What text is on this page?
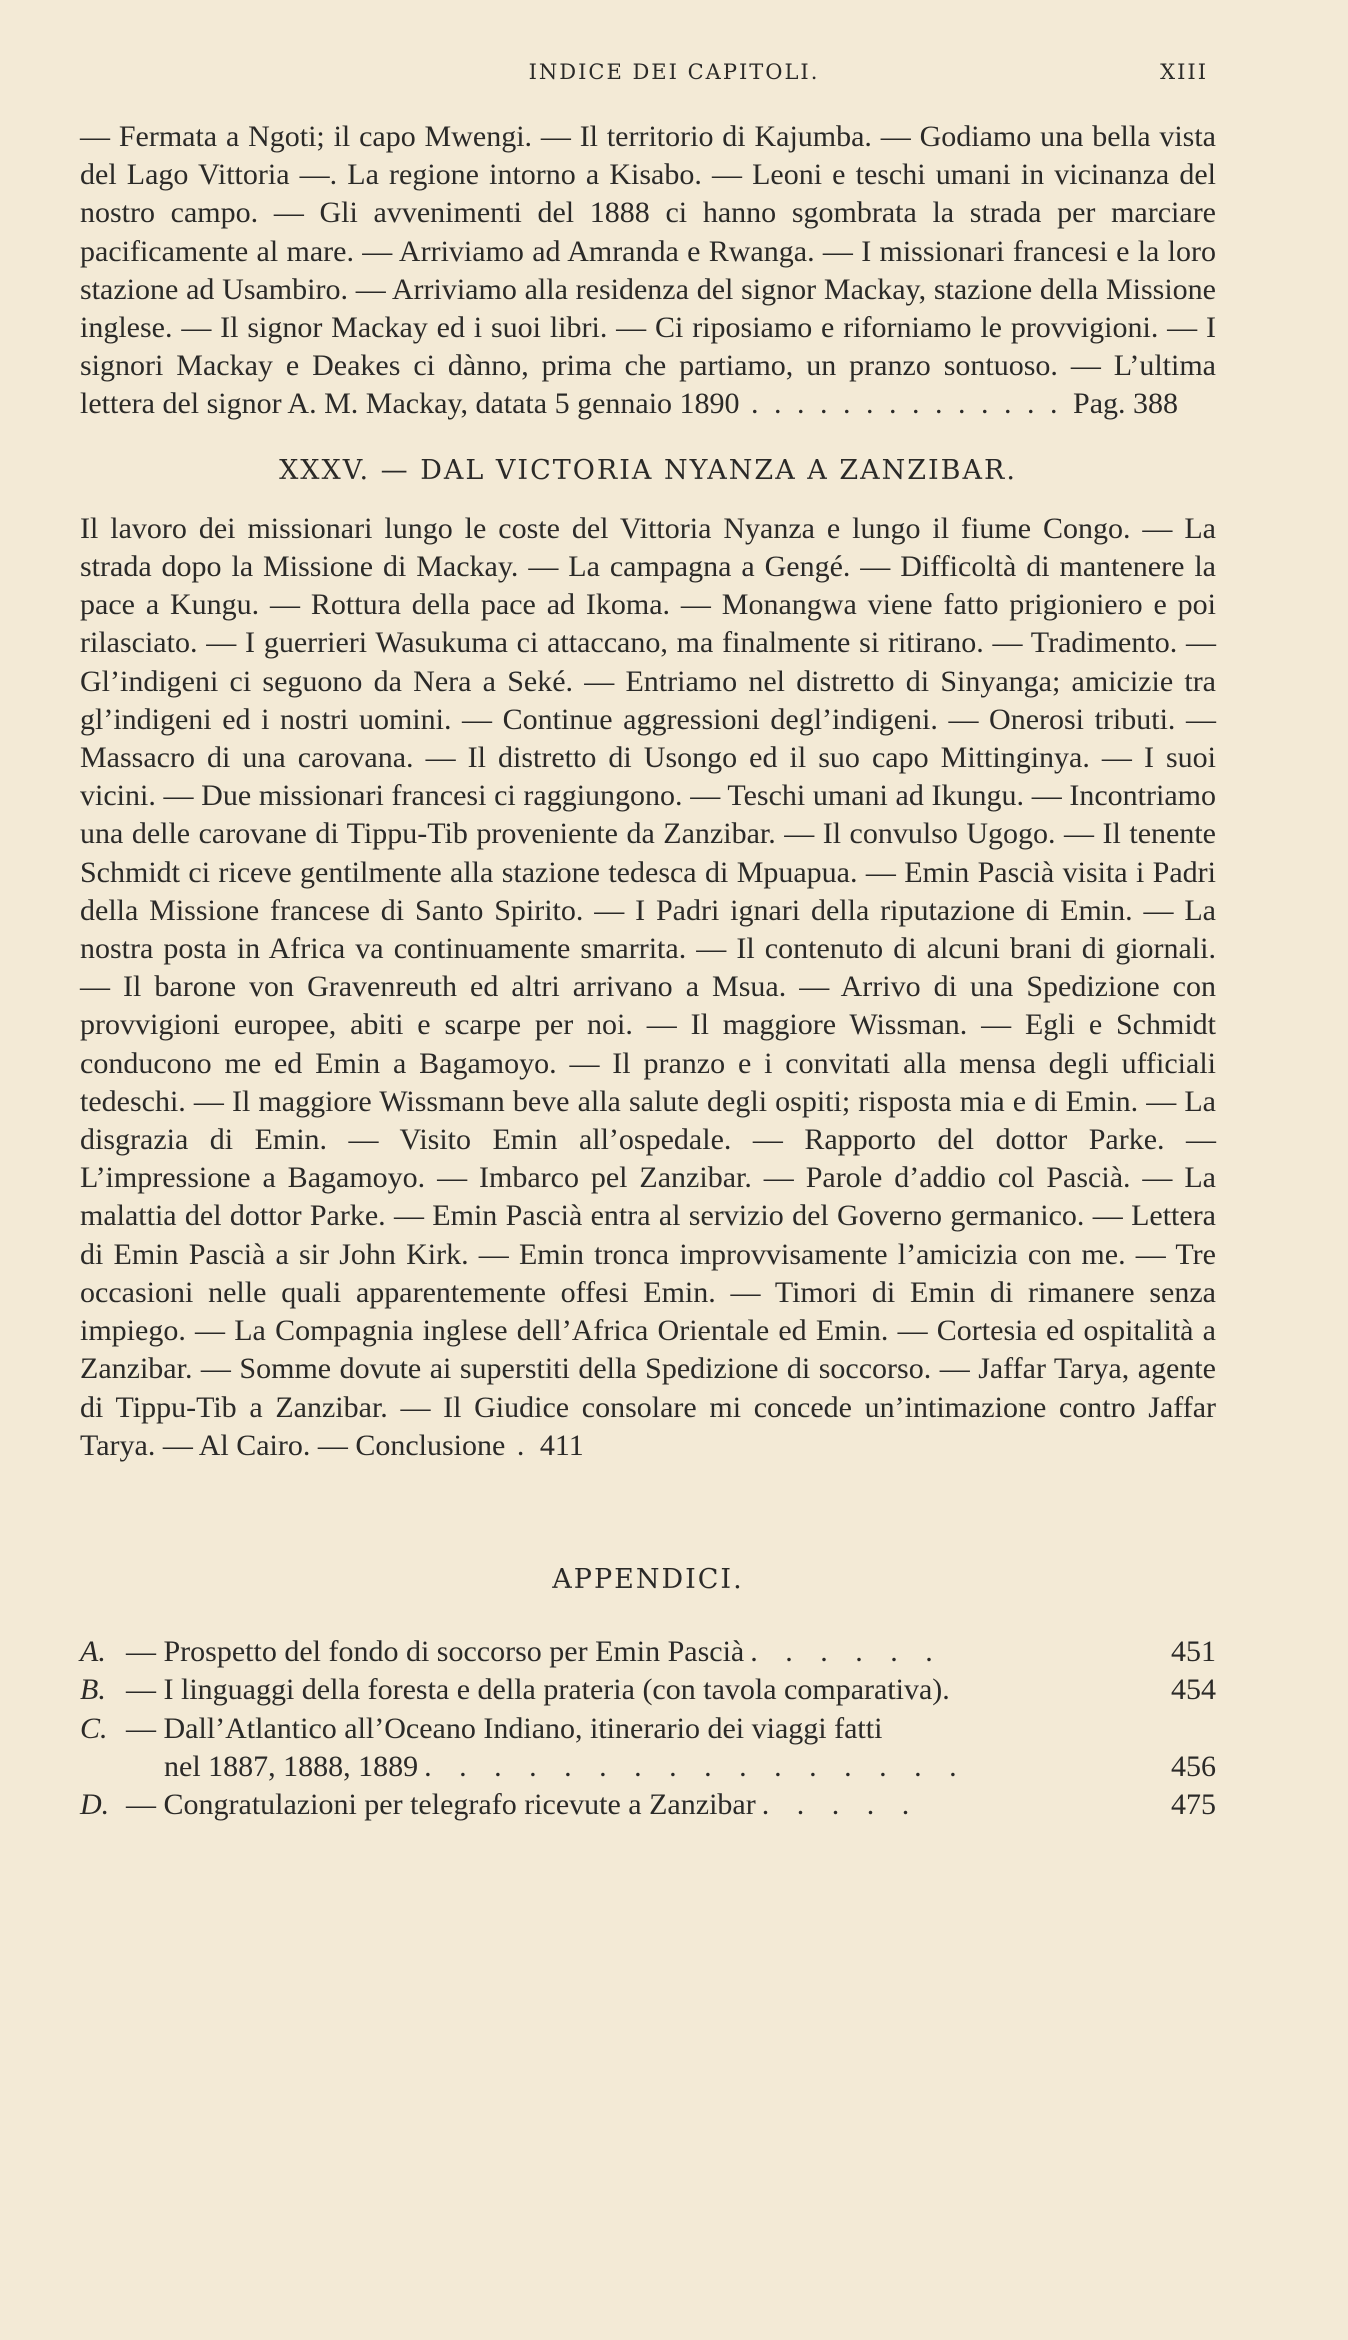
INDICE DEI CAPITOLI.	XIII

— Fermata a Ngoti; il capo Mwengi. — Il territorio di Kajumba. — Godiamo una bella vista del Lago Vittoria —. La regione intorno a Kisabo. — Leoni e teschi umani in vicinanza del nostro campo. — Gli avvenimenti del 1888 ci hanno sgombrata la strada per marciare pacificamente al mare. — Arriviamo ad Amranda e Rwanga. — I missionari francesi e la loro stazione ad Usambiro. — Arriviamo alla residenza del signor Mackay, stazione della Missione inglese. — Il signor Mackay ed i suoi libri. — Ci riposiamo e riforniamo le provvigioni. — I signori Mackay e Deakes ci dànno, prima che partiamo, un pranzo sontuoso. — L’ultima lettera del signor A. M. Mackay, datata 5 gennaio 1890 . . . . . . . . . . . . . . Pag. 388

XXXV. — DAL VICTORIA NYANZA A ZANZIBAR.

Il lavoro dei missionari lungo le coste del Vittoria Nyanza e lungo il fiume Congo. — La strada dopo la Missione di Mackay. — La campagna a Gengé. — Difficoltà di mantenere la pace a Kungu. — Rottura della pace ad Ikoma. — Monangwa viene fatto prigioniero e poi rilasciato. — I guerrieri Wasukuma ci attaccano, ma finalmente si ritirano. — Tradimento. — Gl’indigeni ci seguono da Nera a Seké. — Entriamo nel distretto di Sinyanga; amicizie tra gl’indigeni ed i nostri uomini. — Continue aggressioni degl’indigeni. — Onerosi tributi. — Massacro di una carovana. — Il distretto di Usongo ed il suo capo Mittinginya. — I suoi vicini. — Due missionari francesi ci raggiungono. — Teschi umani ad Ikungu. — Incontriamo una delle carovane di Tippu-Tib proveniente da Zanzibar. — Il convulso Ugogo. — Il tenente Schmidt ci riceve gentilmente alla stazione tedesca di Mpuapua. — Emin Pascià visita i Padri della Missione francese di Santo Spirito. — I Padri ignari della riputazione di Emin. — La nostra posta in Africa va continuamente smarrita. — Il contenuto di alcuni brani di giornali. — Il barone von Gravenreuth ed altri arrivano a Msua. — Arrivo di una Spedizione con provvigioni europee, abiti e scarpe per noi. — Il maggiore Wissman. — Egli e Schmidt conducono me ed Emin a Bagamoyo. — Il pranzo e i convitati alla mensa degli ufficiali tedeschi. — Il maggiore Wissmann beve alla salute degli ospiti; risposta mia e di Emin. — La disgrazia di Emin. — Visito Emin all’ospedale. — Rapporto del dottor Parke. — L’impressione a Bagamoyo. — Imbarco pel Zanzibar. — Parole d’addio col Pascià. — La malattia del dottor Parke. — Emin Pascià entra al servizio del Governo germanico. — Lettera di Emin Pascià a sir John Kirk. — Emin tronca improvvisamente l’amicizia con me. — Tre occasioni nelle quali apparentemente offesi Emin. — Timori di Emin di rimanere senza impiego. — La Compagnia inglese dell’Africa Orientale ed Emin. — Cortesia ed ospitalità a Zanzibar. — Somme dovute ai superstiti della Spedizione di soccorso. — Jaffar Tarya, agente di Tippu-Tib a Zanzibar. — Il Giudice consolare mi concede un’intimazione contro Jaffar Tarya. — Al Cairo. — Conclusione . 411

APPENDICI.
A. — Prospetto del fondo di soccorso per Emin Pascià . . . . . .	451
B. — I linguaggi della foresta e della prateria (con tavola comparativa).	454
C. — Dall’Atlantico all’Oceano Indiano, itinerario dei viaggi fatti
nel 1887, 1888, 1889 . . . . . . . . . . . . . . . .	456
D. — Congratulazioni per telegrafo ricevute a Zanzibar . . . . .	475
